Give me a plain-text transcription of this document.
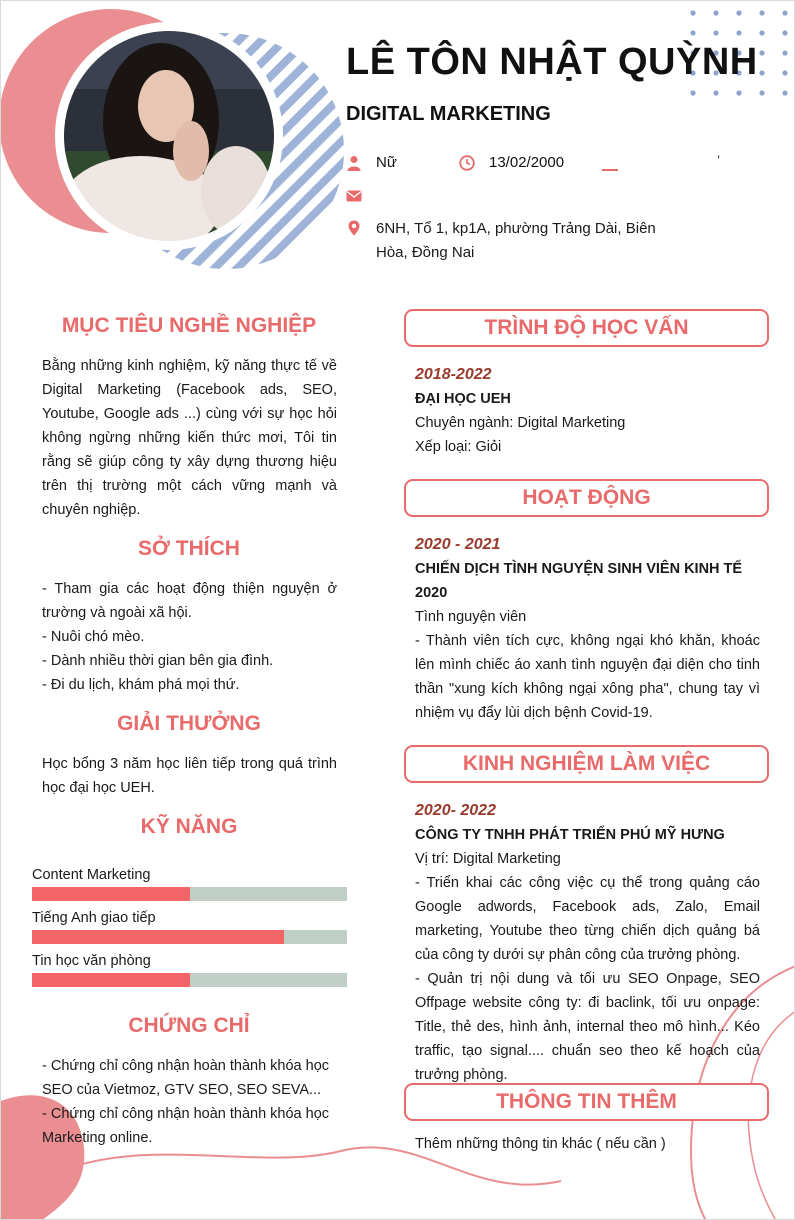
LÊ TÔN NHẬT QUỲNH
DIGITAL MARKETING
Nữ	13/02/2000	ʼ
6NH, Tổ 1, kp1A, phường Trảng Dài, Biên Hòa, Đồng Nai
MỤC TIÊU NGHỀ NGHIỆP
Bằng những kinh nghiệm, kỹ năng thực tế về Digital Marketing (Facebook ads, SEO, Youtube, Google ads ...) cùng với sự học hỏi không ngừng những kiến thức mơi, Tôi tin rằng sẽ giúp công ty xây dựng thương hiệu trên thị trường một cách vững mạnh và chuyên nghiệp.
SỞ THÍCH

- Tham gia các hoạt động thiện nguyện ở trường và ngoài xã hội.

- Nuôi chó mèo.

- Dành nhiều thời gian bên gia đình.

- Đi du lịch, khám phá mọi thứ.

GIẢI THƯỞNG
Học bổng 3 năm học liên tiếp trong quá trình học đại học UEH.
KỸ NĂNG
Content Marketing
Tiếng Anh giao tiếp
Tin học văn phòng
CHỨNG CHỈ

- Chứng chỉ công nhận hoàn thành khóa học SEO của Vietmoz, GTV SEO, SEO SEVA...

- Chứng chỉ công nhận hoàn thành khóa học Marketing online.

TRÌNH ĐỘ HỌC VẤN
2018-2022
ĐẠI HỌC UEH
Chuyên ngành: Digital Marketing
Xếp loại: Giỏi
HOẠT ĐỘNG
2020 - 2021
CHIẾN DỊCH TÌNH NGUYỆN SINH VIÊN KINH TẾ 2020
Tình nguyện viên
- Thành viên tích cực, không ngại khó khăn, khoác lên mình chiếc áo xanh tình nguyện đại diện cho tinh thần "xung kích không ngại xông pha", chung tay vì nhiệm vụ đẩy lùi dịch bệnh Covid-19.
KINH NGHIỆM LÀM VIỆC
2020- 2022
CÔNG TY TNHH PHÁT TRIỂN PHÚ MỸ HƯNG
Vị trí: Digital Marketing
- Triển khai các công việc cụ thể trong quảng cáo Google adwords, Facebook ads, Zalo, Email marketing, Youtube theo từng chiến dịch quảng bá của công ty dưới sự phân công của trưởng phòng.
- Quản trị nội dung và tối ưu SEO Onpage, SEO Offpage website công ty: đi baclink, tối ưu onpage: Title, thẻ des, hình ảnh, internal theo mô hình... Kéo traffic, tạo signal.... chuẩn seo theo kế hoạch của trưởng phòng.
THÔNG TIN THÊM
Thêm những thông tin khác ( nếu cần )
